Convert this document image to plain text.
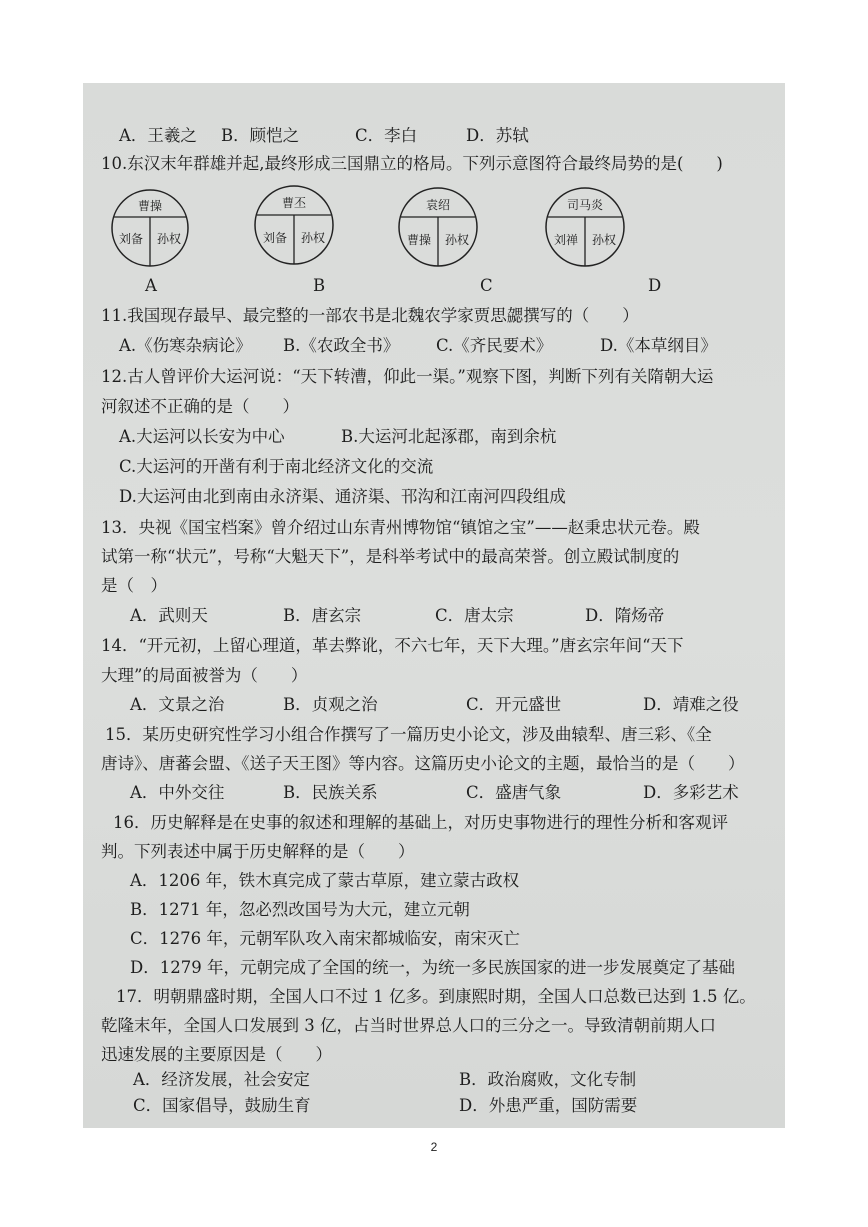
A．王羲之 B．顾恺之	C．李白	D．苏轼
10.东汉末年群雄并起,最终形成三国鼎立的格局。下列示意图符合最终局势的是(　　)
曹操
刘备 孙权
A
曹丕
刘备 孙权
B
袁绍
曹操 孙权
C
司马炎
刘禅 孙权
D
11.我国现存最早、最完整的一部农书是北魏农学家贾思勰撰写的（　　）
A.《伤寒杂病论》 B.《农政全书》 C.《齐民要术》	D.《本草纲目》
12.古人曾评价大运河说：“天下转漕，仰此一渠。”观察下图，判断下列有关隋朝大运
河叙述不正确的是（　　）
A.大运河以长安为中心	B.大运河北起涿郡，南到余杭
C.大运河的开凿有利于南北经济文化的交流
D.大运河由北到南由永济渠、通济渠、邗沟和江南河四段组成
13．央视《国宝档案》曾介绍过山东青州博物馆“镇馆之宝”——赵秉忠状元卷。殿
试第一称“状元”，号称“大魁天下”，是科举考试中的最高荣誉。创立殿试制度的
是（　）
A．武则天	B．唐玄宗	C．唐太宗	D．隋炀帝
14．“开元初，上留心理道，革去弊讹，不六七年，天下大理。”唐玄宗年间“天下
大理”的局面被誉为（　　）
A．文景之治	B．贞观之治	C．开元盛世	D．靖难之役
15．某历史研究性学习小组合作撰写了一篇历史小论文，涉及曲辕犁、唐三彩、《全
唐诗》、唐蕃会盟、《送子天王图》等内容。这篇历史小论文的主题，最恰当的是（　　）
A．中外交往	B．民族关系	C．盛唐气象	D．多彩艺术
16．历史解释是在史事的叙述和理解的基础上，对历史事物进行的理性分析和客观评
判。下列表述中属于历史解释的是（　　）
A．1206 年，铁木真完成了蒙古草原，建立蒙古政权
B．1271 年，忽必烈改国号为大元，建立元朝
C．1276 年，元朝军队攻入南宋都城临安，南宋灭亡
D．1279 年，元朝完成了全国的统一，为统一多民族国家的进一步发展奠定了基础
17．明朝鼎盛时期，全国人口不过 1 亿多。到康熙时期，全国人口总数已达到 1.5 亿。
乾隆末年，全国人口发展到 3 亿，占当时世界总人口的三分之一。导致清朝前期人口
迅速发展的主要原因是（　　）
A．经济发展，社会安定	B．政治腐败，文化专制
C．国家倡导，鼓励生育	D．外患严重，国防需要
2
